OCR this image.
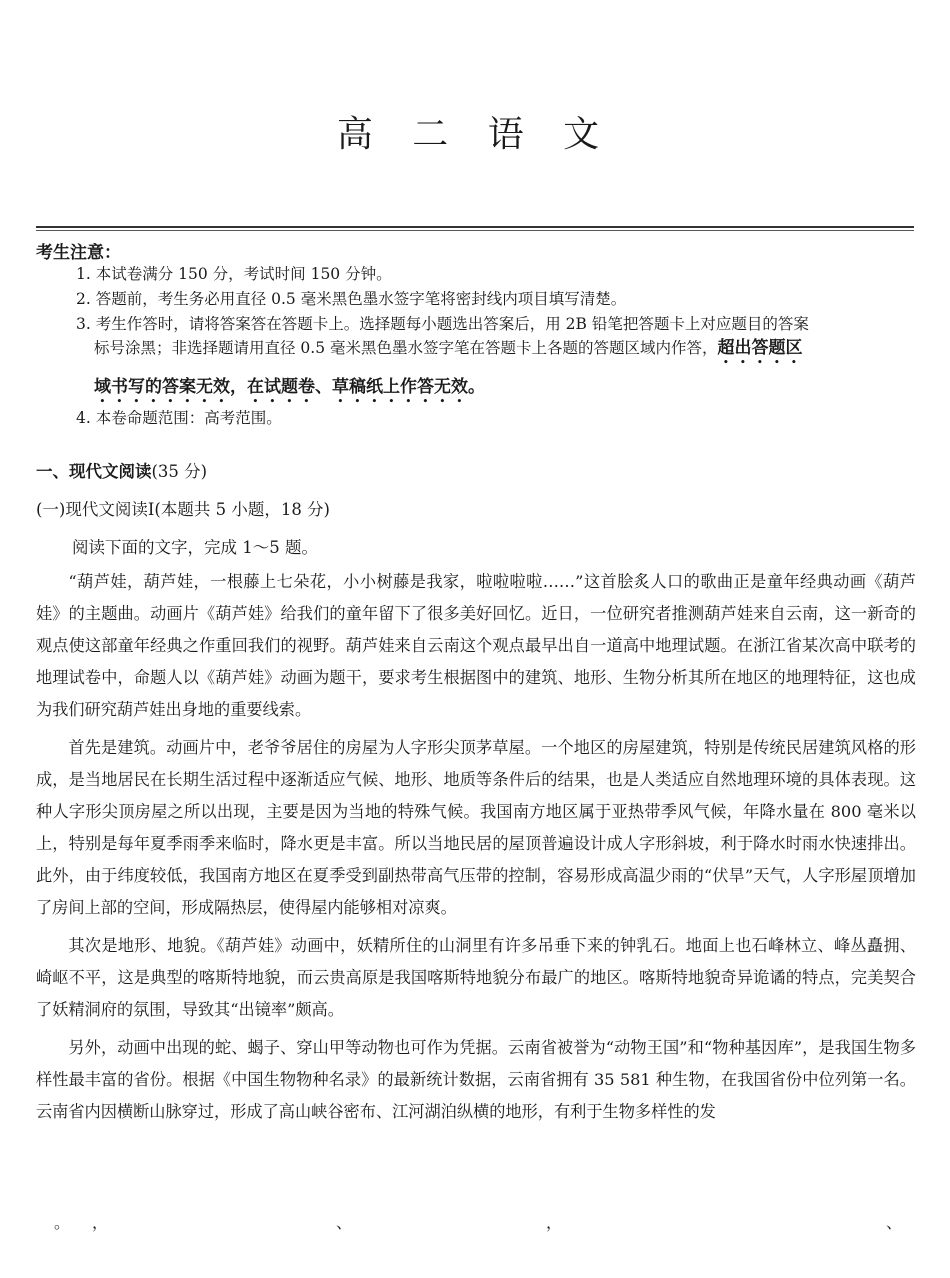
高 二 语 文
考生注意：

1. 本试卷满分 150 分，考试时间 150 分钟。

2. 答题前，考生务必用直径 0.5 毫米黑色墨水签字笔将密封线内项目填写清楚。

3. 考生作答时，请将答案答在答题卡上。选择题每小题选出答案后，用 2B 铅笔把答题卡上对应题目的答案
标号涂黑；非选择题请用直径 0.5 毫米黑色墨水签字笔在答题卡上各题的答题区域内作答，超出答题区
域书写的答案无效，在试题卷、草稿纸上作答无效。

4. 本卷命题范围：高考范围。

一、现代文阅读(35 分)
(一)现代文阅读Ⅰ(本题共 5 小题，18 分)
阅读下面的文字，完成 1～5 题。

“葫芦娃，葫芦娃，一根藤上七朵花，小小树藤是我家，啦啦啦啦……”这首脍炙人口的歌曲正是童年经典动画《葫芦娃》的主题曲。动画片《葫芦娃》给我们的童年留下了很多美好回忆。近日，一位研究者推测葫芦娃来自云南，这一新奇的观点使这部童年经典之作重回我们的视野。葫芦娃来自云南这个观点最早出自一道高中地理试题。在浙江省某次高中联考的地理试卷中，命题人以《葫芦娃》动画为题干，要求考生根据图中的建筑、地形、生物分析其所在地区的地理特征，这也成为我们研究葫芦娃出身地的重要线索。

首先是建筑。动画片中，老爷爷居住的房屋为人字形尖顶茅草屋。一个地区的房屋建筑，特别是传统民居建筑风格的形成，是当地居民在长期生活过程中逐渐适应气候、地形、地质等条件后的结果，也是人类适应自然地理环境的具体表现。这种人字形尖顶房屋之所以出现，主要是因为当地的特殊气候。我国南方地区属于亚热带季风气候，年降水量在 800 毫米以上，特别是每年夏季雨季来临时，降水更是丰富。所以当地民居的屋顶普遍设计成人字形斜坡，利于降水时雨水快速排出。此外，由于纬度较低，我国南方地区在夏季受到副热带高气压带的控制，容易形成高温少雨的“伏旱”天气，人字形屋顶增加了房间上部的空间，形成隔热层，使得屋内能够相对凉爽。

其次是地形、地貌。《葫芦娃》动画中，妖精所住的山洞里有许多吊垂下来的钟乳石。地面上也石峰林立、峰丛矗拥、崎岖不平，这是典型的喀斯特地貌，而云贵高原是我国喀斯特地貌分布最广的地区。喀斯特地貌奇异诡谲的特点，完美契合了妖精洞府的氛围，导致其“出镜率”颇高。

另外，动画中出现的蛇、蝎子、穿山甲等动物也可作为凭据。云南省被誉为“动物王国”和“物种基因库”，是我国生物多样性最丰富的省份。根据《中国生物物种名录》的最新统计数据，云南省拥有 35 581 种生物，在我国省份中位列第一名。云南省内因横断山脉穿过，形成了高山峡谷密布、江河湖泊纵横的地形，有利于生物多样性的发

。 ，	、	，	、
